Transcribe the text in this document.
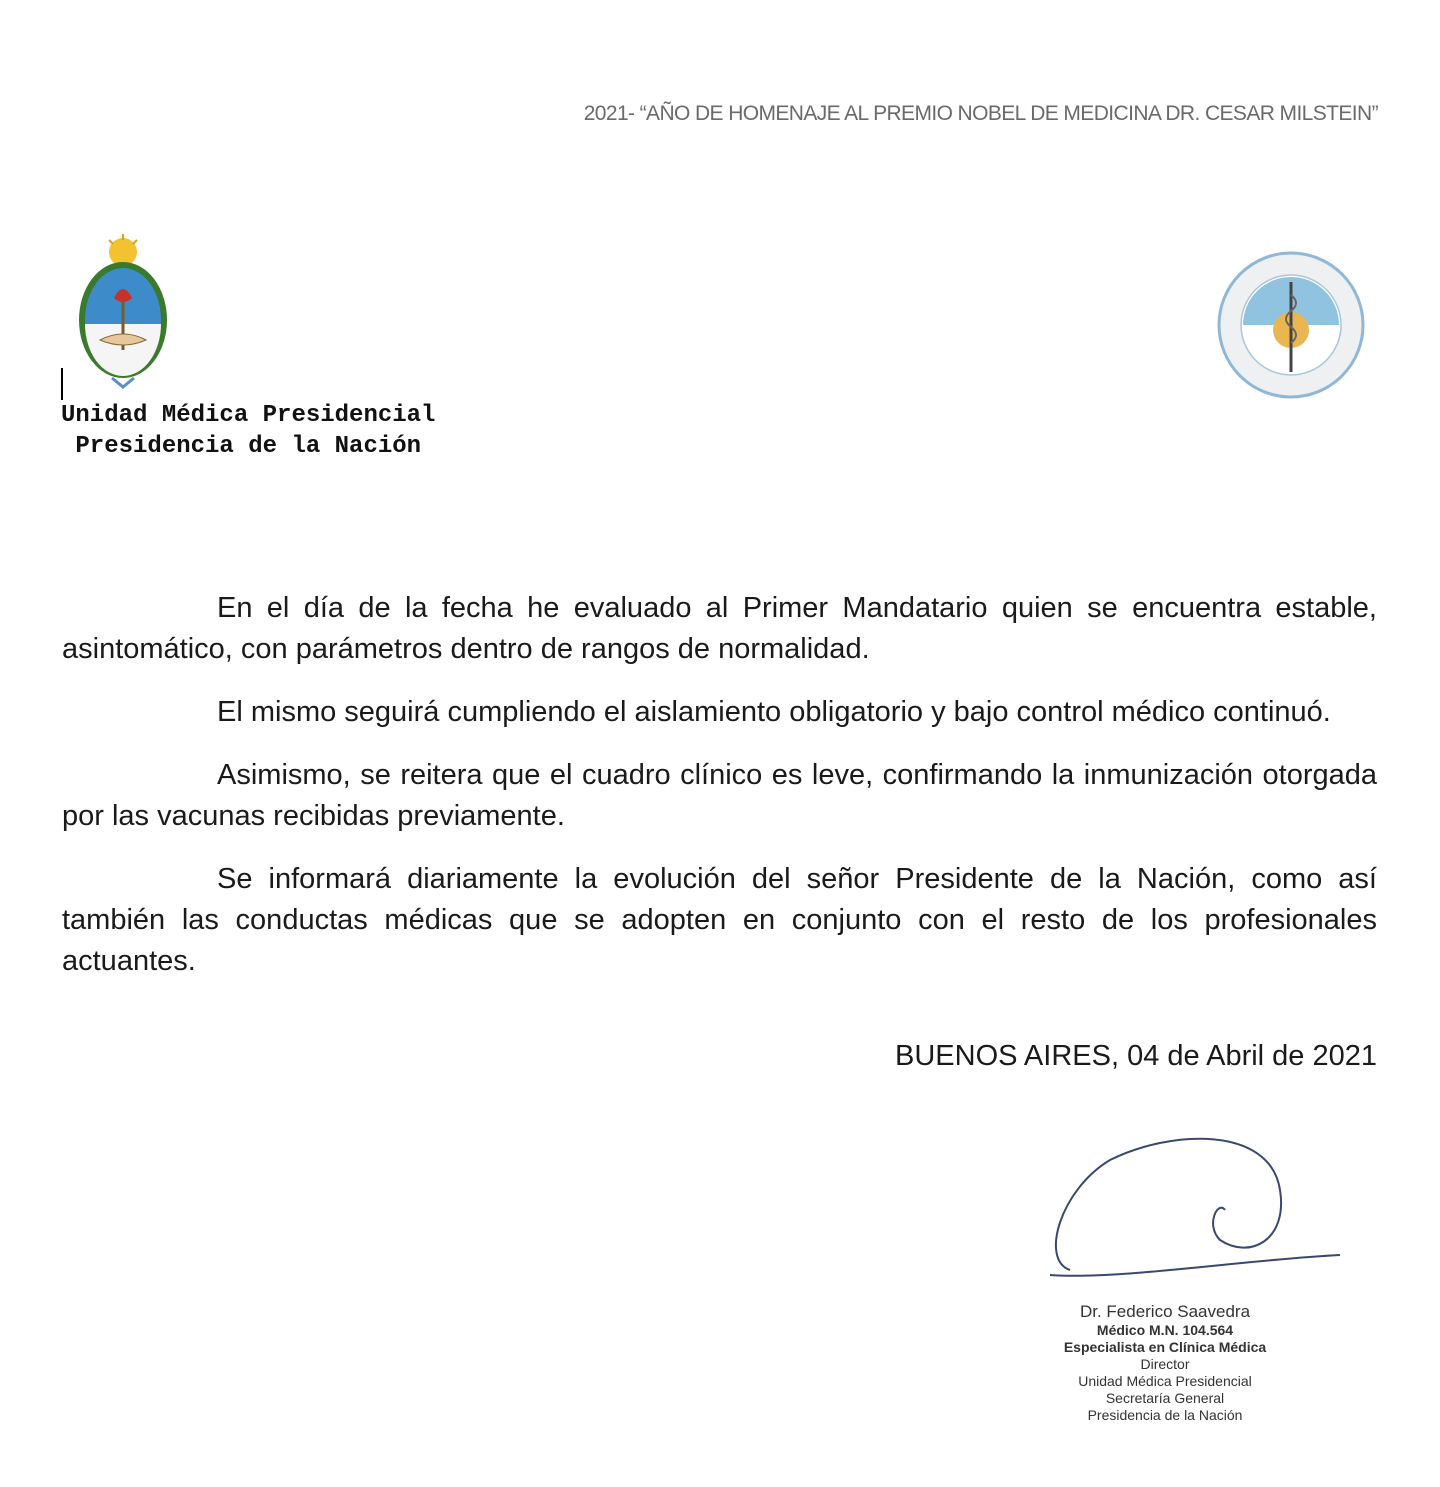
2021- “AÑO DE HOMENAJE AL PREMIO NOBEL DE MEDICINA DR. CESAR MILSTEIN”
Unidad Médica Presidencial
Presidencia de la Nación

En el día de la fecha he evaluado al Primer Mandatario quien se encuentra estable, asintomático, con parámetros dentro de rangos de normalidad.

El mismo seguirá cumpliendo el aislamiento obligatorio y bajo control médico continuó.

Asimismo, se reitera que el cuadro clínico es leve, confirmando la inmunización otorgada por las vacunas recibidas previamente.

Se informará diariamente la evolución del señor Presidente de la Nación, como así también las conductas médicas que se adopten en conjunto con el resto de los profesionales actuantes.

BUENOS AIRES, 04 de Abril de 2021
Dr. Federico Saavedra
Médico M.N. 104.564
Especialista en Clínica Médica
Director
Unidad Médica Presidencial
Secretaría General
Presidencia de la Nación
